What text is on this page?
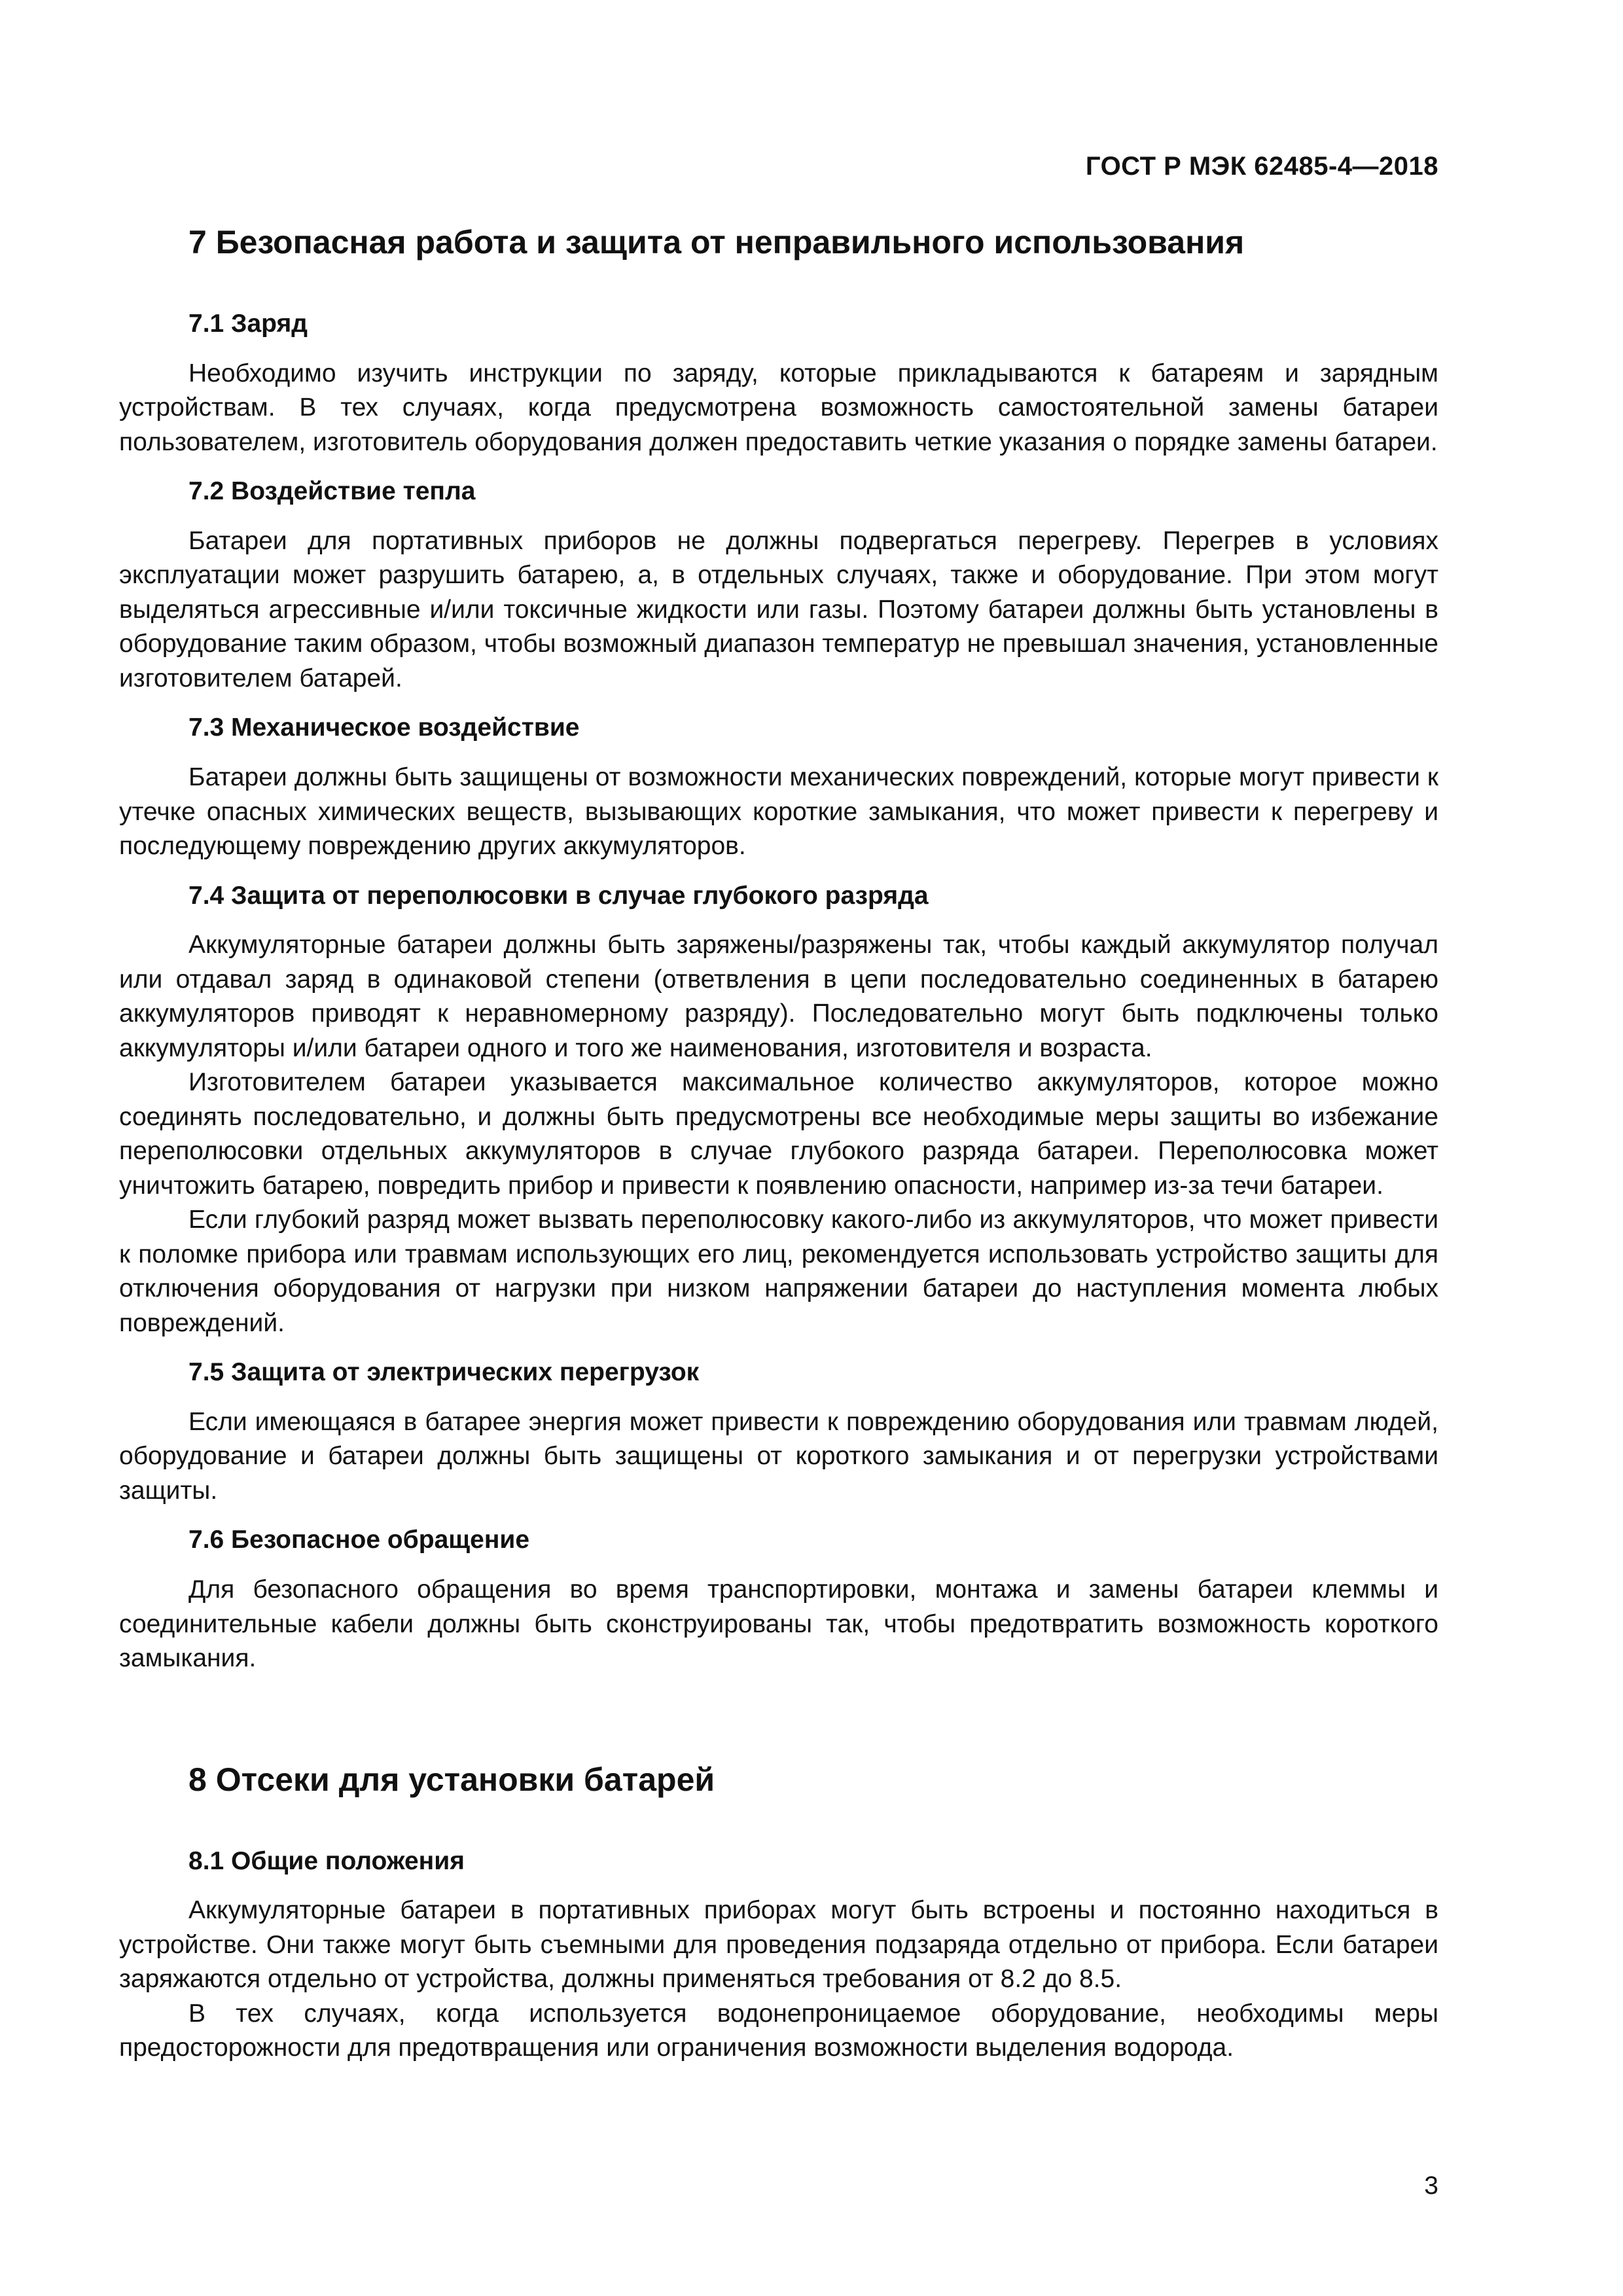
ГОСТ Р МЭК 62485-4—2018
7 Безопасная работа и защита от неправильного использования
7.1 Заряд

Необходимо изучить инструкции по заряду, которые прикладываются к батареям и зарядным устройствам. В тех случаях, когда предусмотрена возможность самостоятельной замены батареи пользователем, изготовитель оборудования должен предоставить четкие указания о порядке замены батареи.

7.2 Воздействие тепла

Батареи для портативных приборов не должны подвергаться перегреву. Перегрев в условиях эксплуатации может разрушить батарею, а, в отдельных случаях, также и оборудование. При этом могут выделяться агрессивные и/или токсичные жидкости или газы. Поэтому батареи должны быть установлены в оборудование таким образом, чтобы возможный диапазон температур не превышал значения, установленные изготовителем батарей.

7.3 Механическое воздействие

Батареи должны быть защищены от возможности механических повреждений, которые могут привести к утечке опасных химических веществ, вызывающих короткие замыкания, что может привести к перегреву и последующему повреждению других аккумуляторов.

7.4 Защита от переполюсовки в случае глубокого разряда

Аккумуляторные батареи должны быть заряжены/разряжены так, чтобы каждый аккумулятор получал или отдавал заряд в одинаковой степени (ответвления в цепи последовательно соединенных в батарею аккумуляторов приводят к неравномерному разряду). Последовательно могут быть подключены только аккумуляторы и/или батареи одного и того же наименования, изготовителя и возраста.

Изготовителем батареи указывается максимальное количество аккумуляторов, которое можно соединять последовательно, и должны быть предусмотрены все необходимые меры защиты во избежание переполюсовки отдельных аккумуляторов в случае глубокого разряда батареи. Переполюсовка может уничтожить батарею, повредить прибор и привести к появлению опасности, например из-за течи батареи.

Если глубокий разряд может вызвать переполюсовку какого-либо из аккумуляторов, что может привести к поломке прибора или травмам использующих его лиц, рекомендуется использовать устройство защиты для отключения оборудования от нагрузки при низком напряжении батареи до наступления момента любых повреждений.

7.5 Защита от электрических перегрузок

Если имеющаяся в батарее энергия может привести к повреждению оборудования или травмам людей, оборудование и батареи должны быть защищены от короткого замыкания и от перегрузки устройствами защиты.

7.6 Безопасное обращение

Для безопасного обращения во время транспортировки, монтажа и замены батареи клеммы и соединительные кабели должны быть сконструированы так, чтобы предотвратить возможность короткого замыкания.

8 Отсеки для установки батарей
8.1 Общие положения

Аккумуляторные батареи в портативных приборах могут быть встроены и постоянно находиться в устройстве. Они также могут быть съемными для проведения подзаряда отдельно от прибора. Если батареи заряжаются отдельно от устройства, должны применяться требования от 8.2 до 8.5.

В тех случаях, когда используется водонепроницаемое оборудование, необходимы меры предосторожности для предотвращения или ограничения возможности выделения водорода.

3
